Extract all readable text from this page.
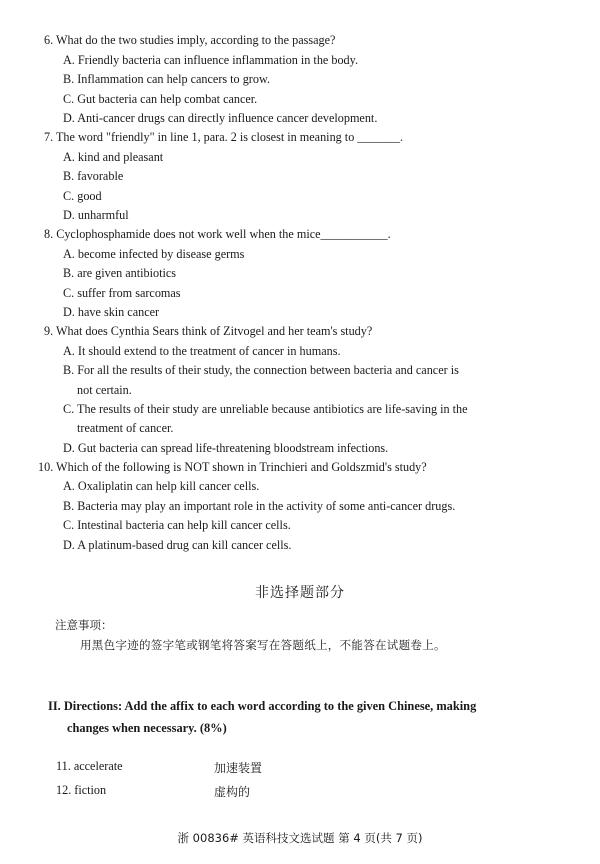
6. What do the two studies imply, according to the passage?
A. Friendly bacteria can influence inflammation in the body.
B. Inflammation can help cancers to grow.
C. Gut bacteria can help combat cancer.
D. Anti-cancer drugs can directly influence cancer development.
7. The word "friendly" in line 1, para. 2 is closest in meaning to _______.
A. kind and pleasant
B. favorable
C. good
D. unharmful
8. Cyclophosphamide does not work well when the mice___________.
A. become infected by disease germs
B. are given antibiotics
C. suffer from sarcomas
D. have skin cancer
9. What does Cynthia Sears think of Zitvogel and her team's study?
A. It should extend to the treatment of cancer in humans.
B. For all the results of their study, the connection between bacteria and cancer is
not certain.
C. The results of their study are unreliable because antibiotics are life-saving in the
treatment of cancer.
D. Gut bacteria can spread life-threatening bloodstream infections.
10. Which of the following is NOT shown in Trinchieri and Goldszmid's study?
A. Oxaliplatin can help kill cancer cells.
B. Bacteria may play an important role in the activity of some anti-cancer drugs.
C. Intestinal bacteria can help kill cancer cells.
D. A platinum-based drug can kill cancer cells.
非选择题部分
注意事项：
用黑色字迹的签字笔或钢笔将答案写在答题纸上，不能答在试题卷上。
II. Directions: Add the affix to each word according to the given Chinese, making
changes when necessary. (8%)
11. accelerate	加速装置
12. fiction	虚构的
浙 00836# 英语科技文选试题 第 4 页(共 7 页)
